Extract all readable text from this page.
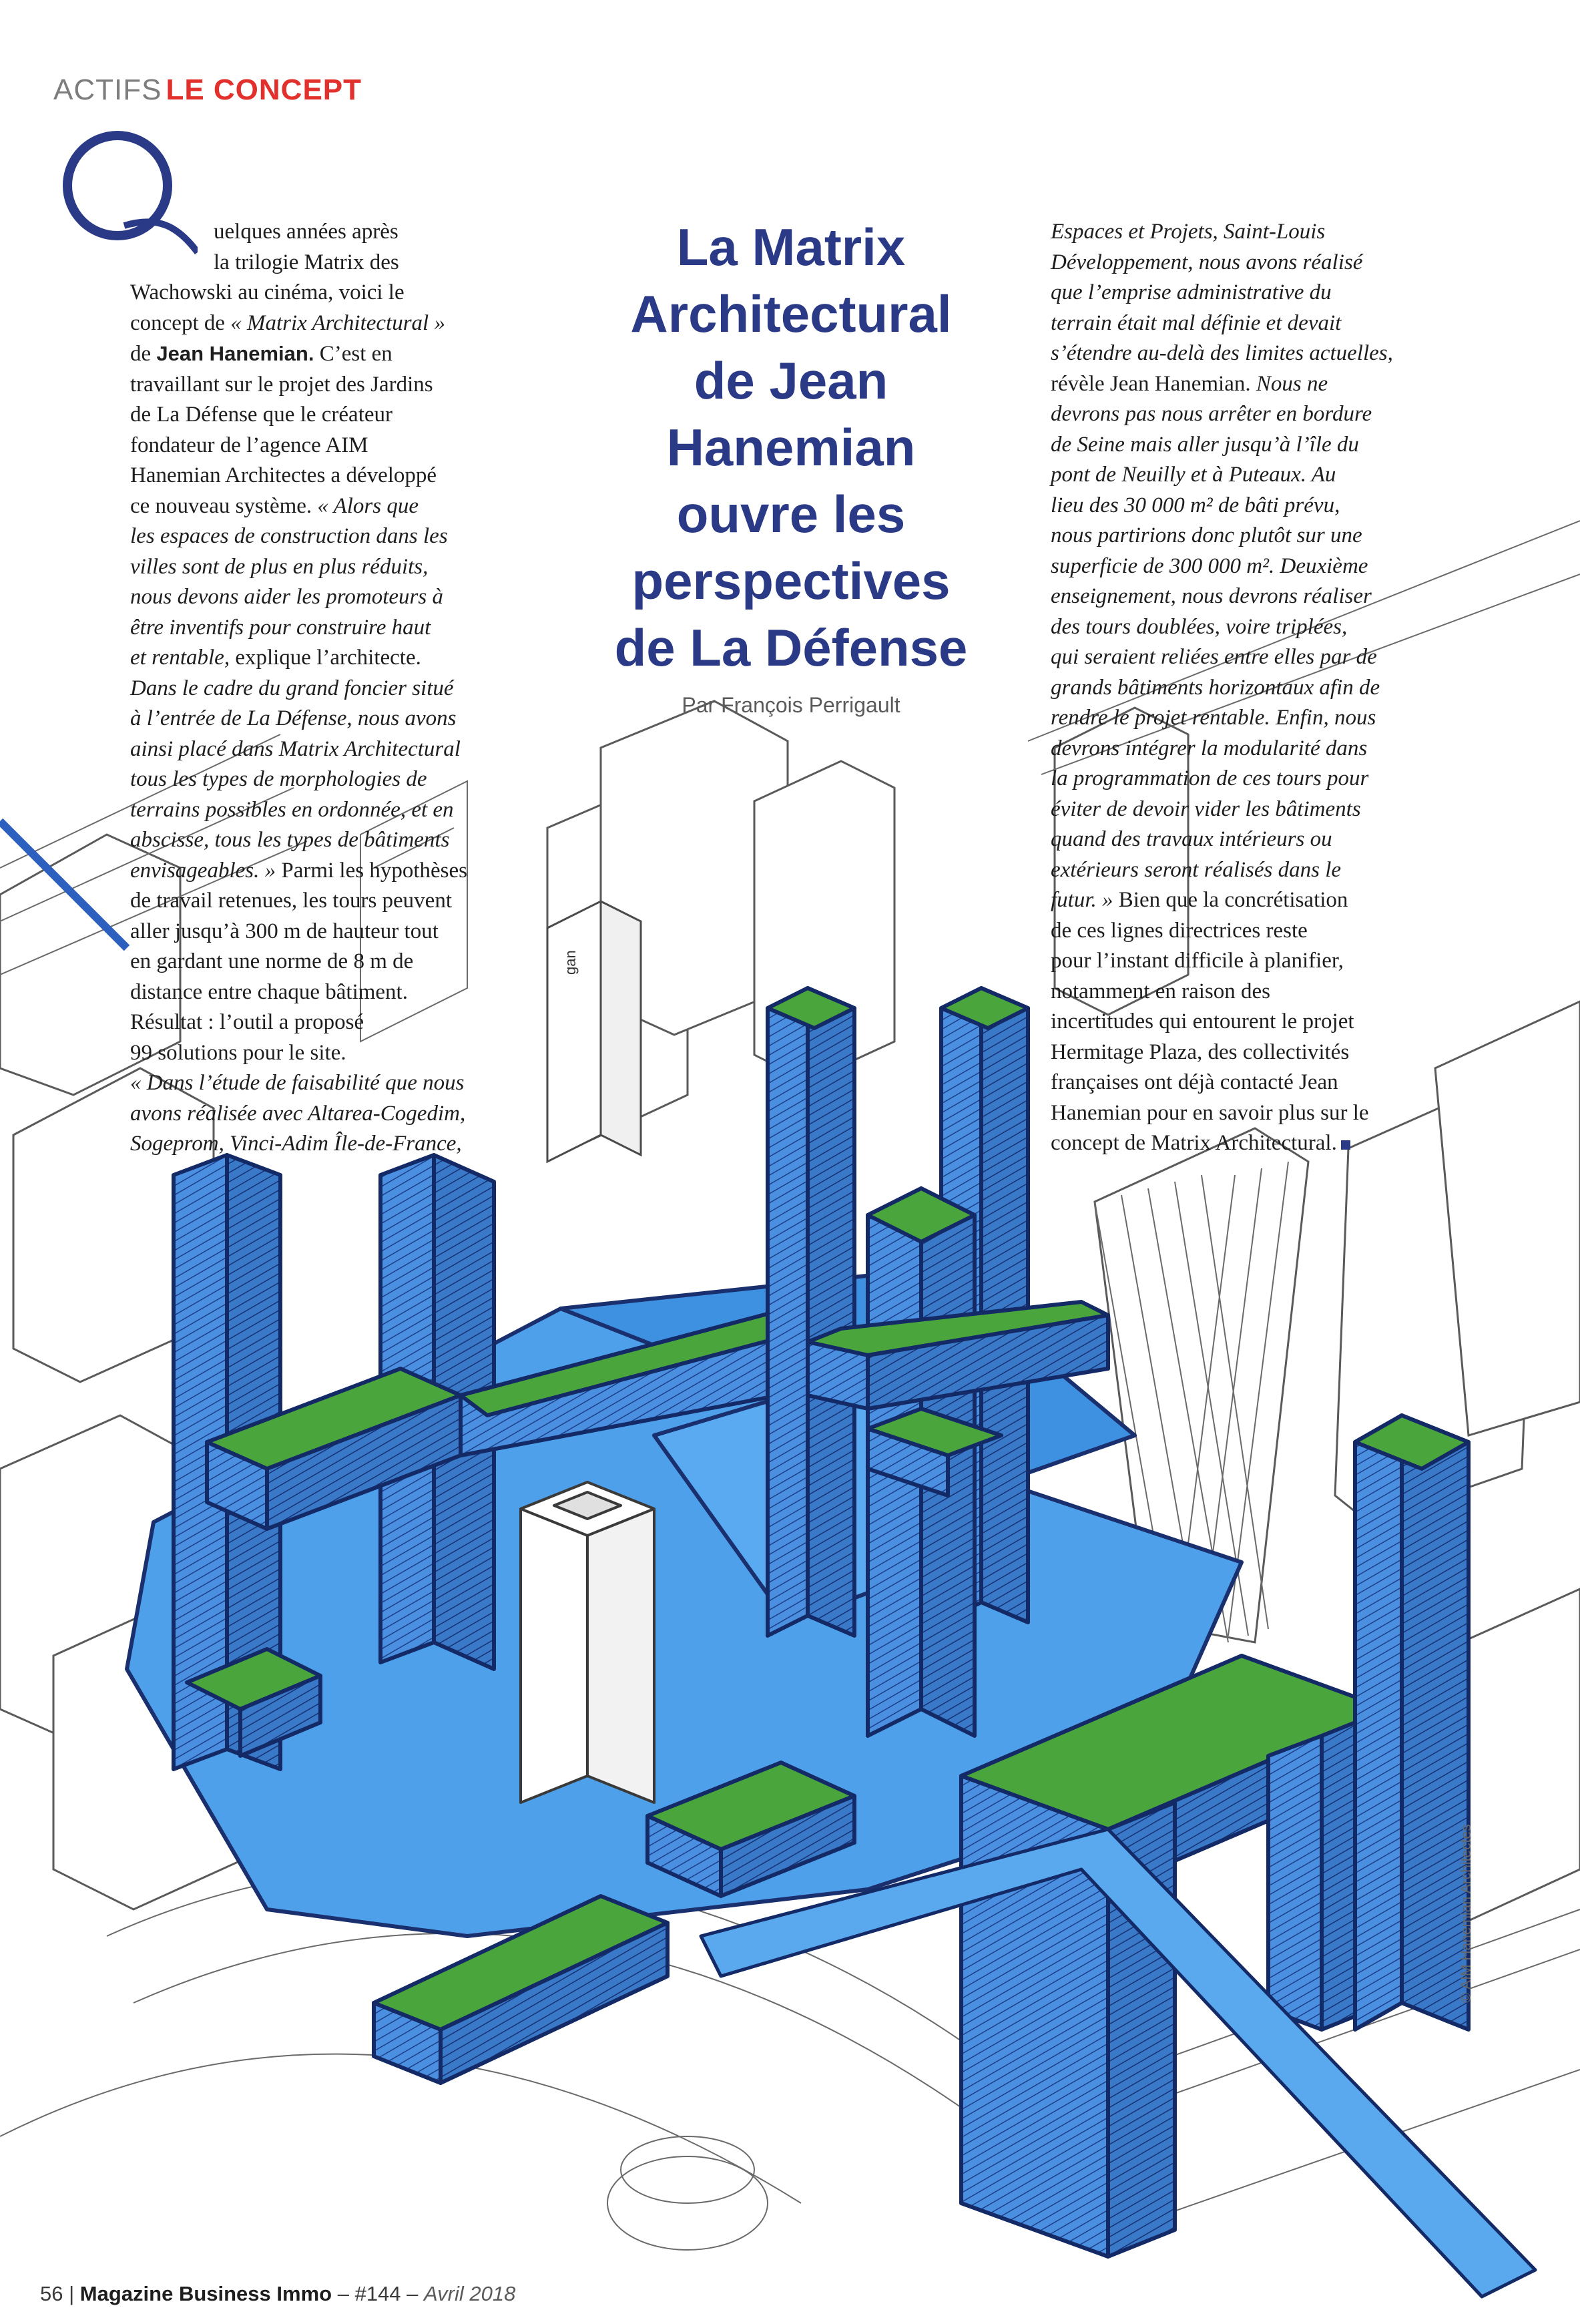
gan
ACTIFS LE CONCEPT
Q

uelques années après

la trilogie Matrix des

Wachowski au cinéma, voici le

concept de « Matrix Architectural »

de Jean Hanemian. C’est en

travaillant sur le projet des Jardins

de La Défense que le créateur

fondateur de l’agence AIM

Hanemian Architectes a développé

ce nouveau système. « Alors que

les espaces de construction dans les

villes sont de plus en plus réduits,

nous devons aider les promoteurs à

être inventifs pour construire haut

et rentable, explique l’architecte.

Dans le cadre du grand foncier situé

à l’entrée de La Défense, nous avons

ainsi placé dans Matrix Architectural

tous les types de morphologies de

terrains possibles en ordonnée, et en

abscisse, tous les types de bâtiments

envisageables. » Parmi les hypothèses

de travail retenues, les tours peuvent

aller jusqu’à 300 m de hauteur tout

en gardant une norme de 8 m de

distance entre chaque bâtiment.

Résultat : l’outil a proposé

99 solutions pour le site.

« Dans l’étude de faisabilité que nous

avons réalisée avec Altarea-Cogedim,

Sogeprom, Vinci-Adim Île-de-France,

La Matrix
Architectural
de Jean
Hanemian
ouvre les
perspectives
de La Défense
Par François Perrigault

Espaces et Projets, Saint-Louis

Développement, nous avons réalisé

que l’emprise administrative du

terrain était mal définie et devait

s’étendre au-delà des limites actuelles,

révèle Jean Hanemian. Nous ne

devrons pas nous arrêter en bordure

de Seine mais aller jusqu’à l’île du

pont de Neuilly et à Puteaux. Au

lieu des 30 000 m² de bâti prévu,

nous partirions donc plutôt sur une

superficie de 300 000 m². Deuxième

enseignement, nous devrons réaliser

des tours doublées, voire triplées,

qui seraient reliées entre elles par de

grands bâtiments horizontaux afin de

rendre le projet rentable. Enfin, nous

devrons intégrer la modularité dans

la programmation de ces tours pour

éviter de devoir vider les bâtiments

quand des travaux intérieurs ou

extérieurs seront réalisés dans le

futur. » Bien que la concrétisation

de ces lignes directrices reste

pour l’instant difficile à planifier,

notamment en raison des

incertitudes qui entourent le projet

Hermitage Plaza, des collectivités

françaises ont déjà contacté Jean

Hanemian pour en savoir plus sur le

concept de Matrix Architectural.

© AIM Hanemian Architectes
56 | Magazine Business Immo – #144 – Avril 2018
